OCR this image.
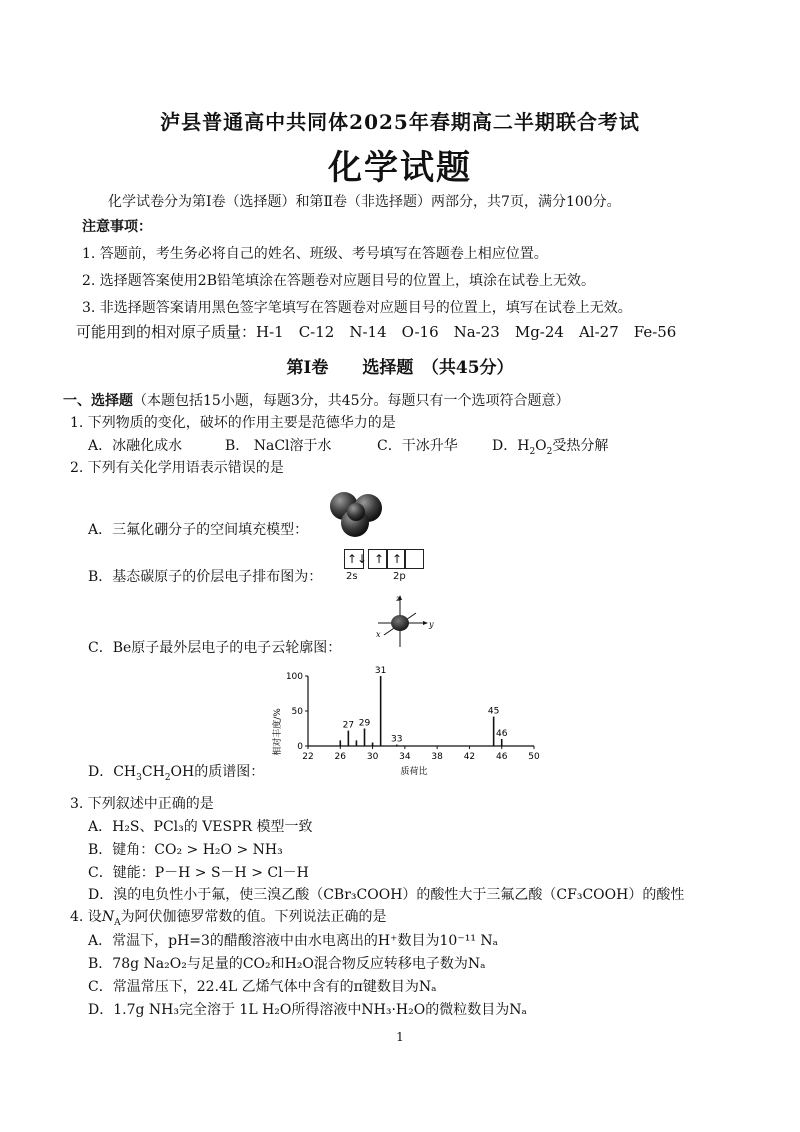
泸县普通高中共同体2025年春期高二半期联合考试
化学试题
化学试卷分为第Ⅰ卷（选择题）和第Ⅱ卷（非选择题）两部分，共7页，满分100分。
注意事项：
1. 答题前，考生务必将自己的姓名、班级、考号填写在答题卷上相应位置。
2. 选择题答案使用2B铅笔填涂在答题卷对应题目号的位置上，填涂在试卷上无效。
3. 非选择题答案请用黑色签字笔填写在答题卷对应题目号的位置上，填写在试卷上无效。
可能用到的相对原子质量：H-1　C-12　N-14　O-16　Na-23　Mg-24　Al-27　Fe-56
第Ⅰ卷　　选择题　（共45分）
一、选择题（本题包括15小题，每题3分，共45分。每题只有一个选项符合题意）
1. 下列物质的变化，破坏的作用主要是范德华力的是
A．冰融化成水	B.　NaCl溶于水	C．干冰升华 D．$H_2O_2$受热分解
2. 下列有关化学用语表示错误的是
A．三氟化硼分子的空间填充模型：
B．基态碳原子的价层电子排布图为：
↑↓ ↑ ↑
2s	2p
C．Be原子最外层电子的电子云轮廓图：
z
y
x
D．$CH_3CH_2OH$的质谱图：
相对丰度/%
质荷比
22 26 30 34 38 42 46 50
0
50
100
27 29
31
33
45
46
3. 下列叙述中正确的是
A．H₂S、PCl₃的 VESPR 模型一致
B．键角：CO₂ > H₂O > NH₃
C．键能：P－H > S－H > Cl－H
D．溴的电负性小于氟，使三溴乙酸（CBr₃COOH）的酸性大于三氟乙酸（CF₃COOH）的酸性
4. 设$N_A$为阿伏伽德罗常数的值。下列说法正确的是
A．常温下，pH=3的醋酸溶液中由水电离出的H⁺数目为10⁻¹¹ Nₐ
B．78g Na₂O₂与足量的CO₂和H₂O混合物反应转移电子数为Nₐ
C．常温常压下，22.4L 乙烯气体中含有的π键数目为Nₐ
D．1.7g NH₃完全溶于 1L H₂O所得溶液中NH₃·H₂O的微粒数目为Nₐ
1
